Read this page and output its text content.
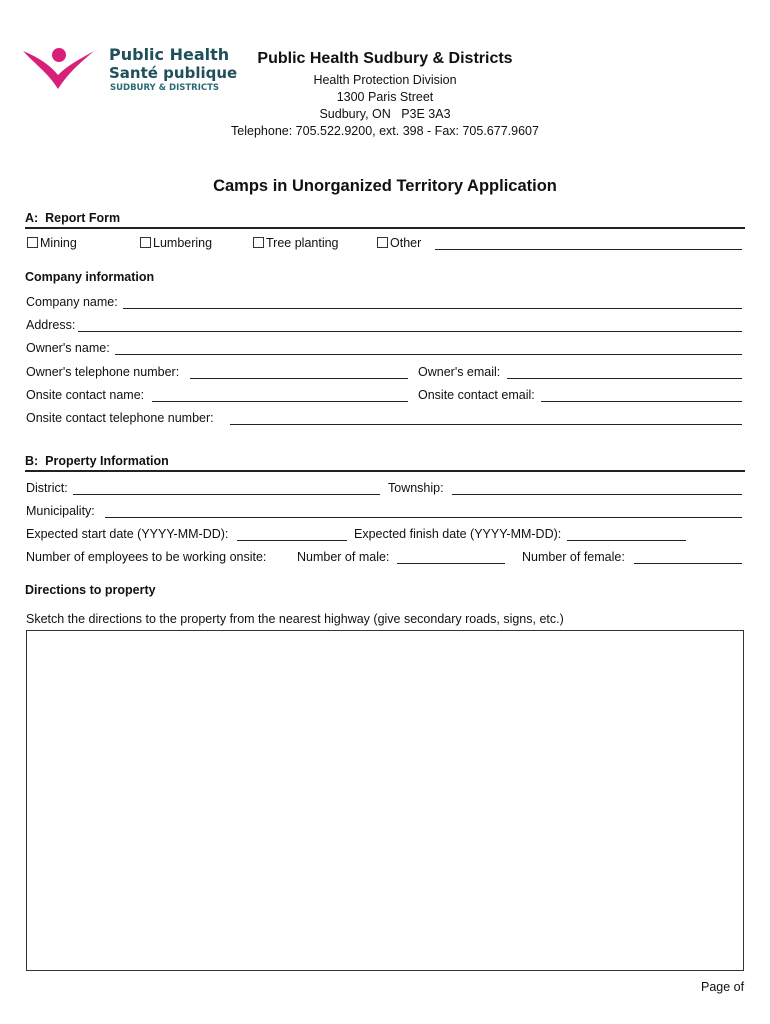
Public Health
Santé publique
SUDBURY & DISTRICTS
Public Health Sudbury & Districts
Health Protection Division
1300 Paris Street
Sudbury, ON   P3E 3A3
Telephone: 705.522.9200, ext. 398 - Fax: 705.677.9607
Camps in Unorganized Territory Application
A:  Report Form
Mining	Lumbering	Tree planting	Other
Company information
Company name:
Address:
Owner's name:
Owner's telephone number:	Owner's email:
Onsite contact name:	Onsite contact email:
Onsite contact telephone number:
B:  Property Information
District:	Township:
Municipality:
Expected start date (YYYY-MM-DD):	Expected finish date (YYYY-MM-DD):
Number of employees to be working onsite: Number of male:	Number of female:
Directions to property
Sketch the directions to the property from the nearest highway (give secondary roads, signs, etc.)
Page of
